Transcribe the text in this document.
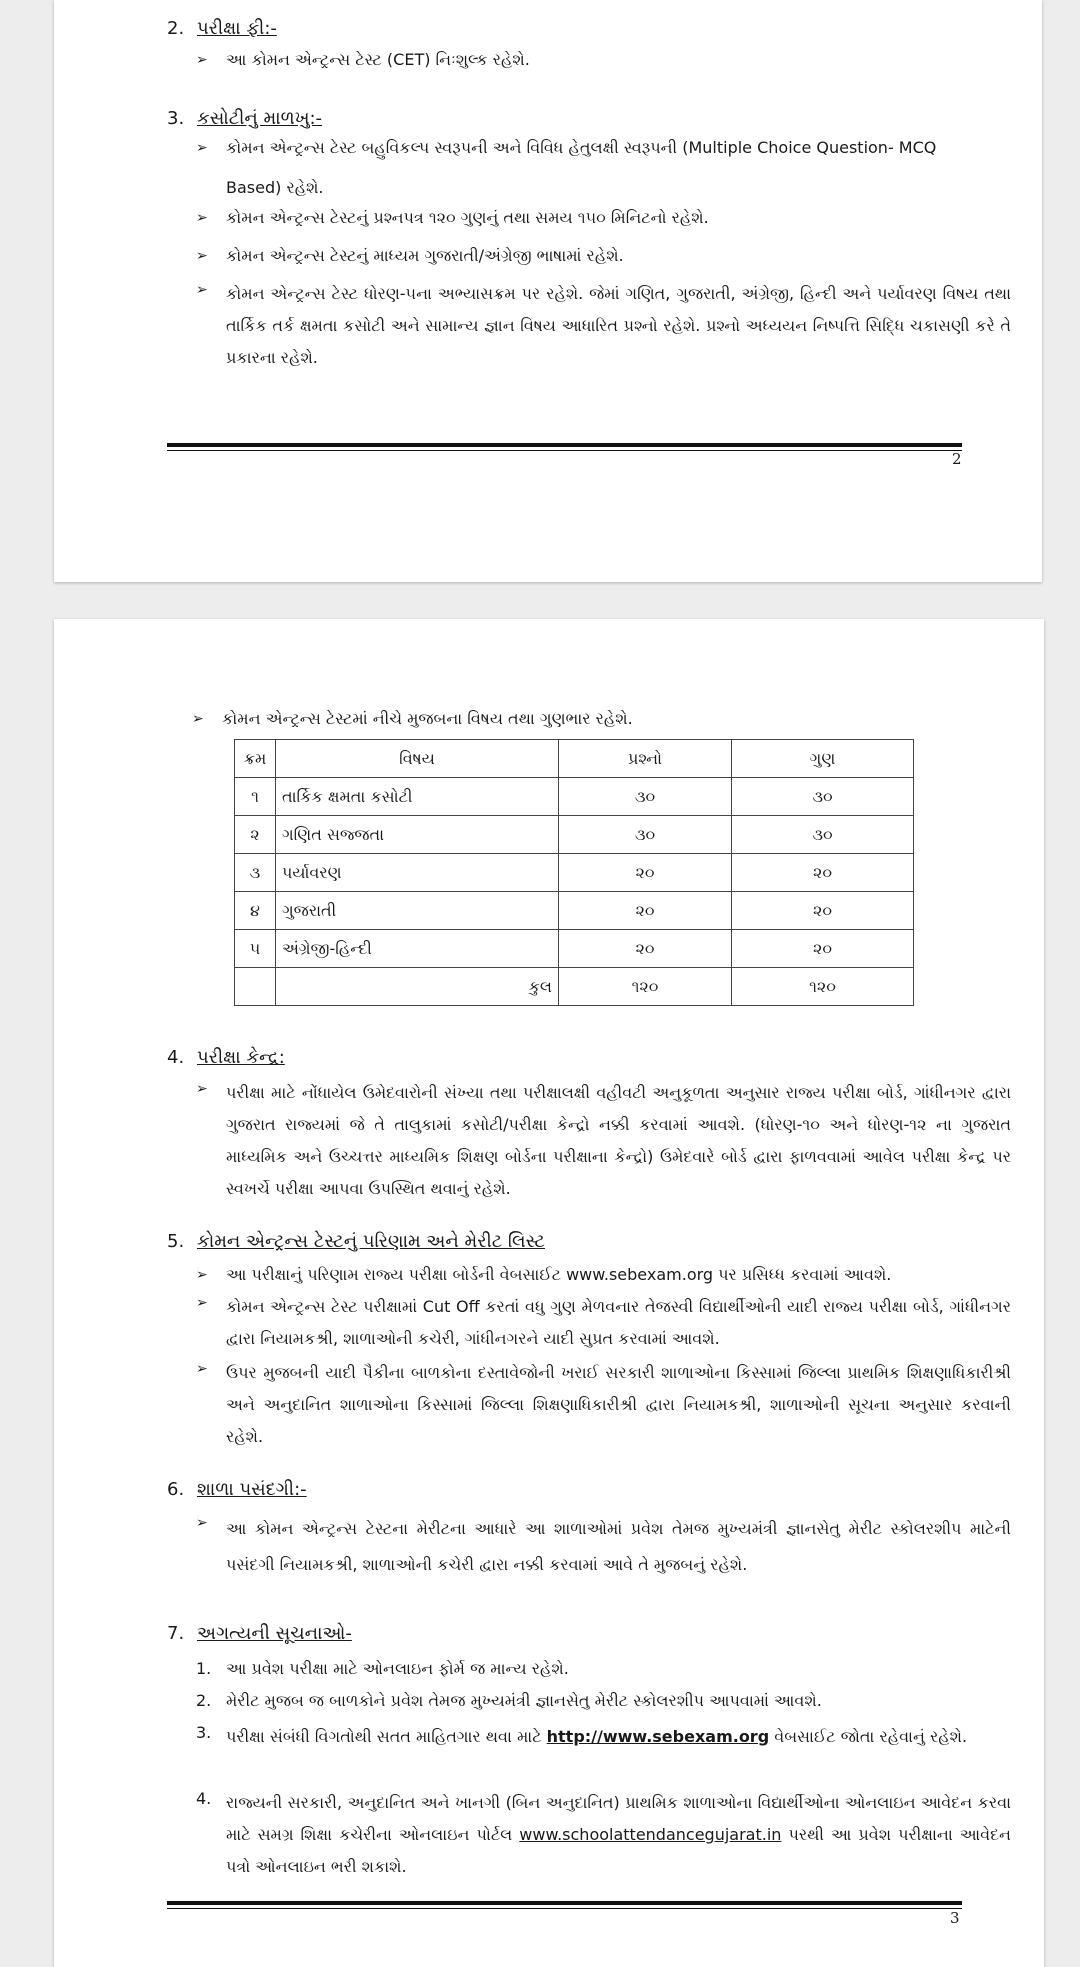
2. પરીક્ષા ફી:-
➢ આ કોમન એન્ટ્રન્સ ટેસ્ટ (CET) નિઃશુલ્ક રહેશે.
3. કસોટીનું માળખુ:-
➢ કોમન એન્ટ્રન્સ ટેસ્ટ બહુવિકલ્પ સ્વરૂપની અને વિવિધ હેતુલક્ષી સ્વરૂપની (Multiple Choice Question- MCQ
Based) રહેશે.
➢ કોમન એન્ટ્રન્સ ટેસ્ટનું પ્રશ્નપત્ર ૧૨૦ ગુણનું તથા સમય ૧૫૦ મિનિટનો રહેશે.
➢ કોમન એન્ટ્રન્સ ટેસ્ટનું માધ્યમ ગુજરાતી/અંગ્રેજી ભાષામાં રહેશે.
➢ કોમન એન્ટ્રન્સ ટેસ્ટ ધોરણ-૫ના અભ્યાસક્રમ પર રહેશે. જેમાં ગણિત, ગુજરાતી, અંગ્રેજી, હિન્દી અને પર્યાવરણ વિષય તથા તાર્કિક તર્ક ક્ષમતા કસોટી અને સામાન્ય જ્ઞાન વિષય આધારિત પ્રશ્નો રહેશે. પ્રશ્નો અધ્યયન નિષ્પત્તિ સિદ્ધિ ચકાસણી કરે તે પ્રકારના રહેશે.
2
➢ કોમન એન્ટ્રન્સ ટેસ્ટમાં નીચે મુજબના વિષય તથા ગુણભાર રહેશે.
ક્રમ	વિષય	પ્રશ્નો	ગુણ
૧	તાર્કિક ક્ષમતા કસોટી	૩૦	૩૦
૨	ગણિત સજ્જતા	૩૦	૩૦
૩	પર્યાવરણ	૨૦	૨૦
૪	ગુજરાતી	૨૦	૨૦
૫	અંગ્રેજી-હિન્દી	૨૦	૨૦
	કુલ	૧૨૦	૧૨૦
4. પરીક્ષા કેન્દ્ર:
➢ પરીક્ષા માટે નોંધાયેલ ઉમેદવારોની સંખ્યા તથા પરીક્ષાલક્ષી વહીવટી અનુકૂળતા અનુસાર રાજ્ય પરીક્ષા બોર્ડ, ગાંધીનગર દ્વારા ગુજરાત રાજ્યમાં જે તે તાલુકામાં કસોટી/પરીક્ષા કેન્દ્રો નક્કી કરવામાં આવશે. (ધોરણ-૧૦ અને ધોરણ-૧૨ ના ગુજરાત માધ્યમિક અને ઉચ્ચત્તર માધ્યમિક શિક્ષણ બોર્ડના પરીક્ષાના કેન્દ્રો) ઉમેદવારે બોર્ડ દ્વારા ફાળવવામાં આવેલ પરીક્ષા કેન્દ્ર પર સ્વખર્ચે પરીક્ષા આપવા ઉપસ્થિત થવાનું રહેશે.
5. કોમન એન્ટ્રન્સ ટેસ્ટનું પરિણામ અને મેરીટ લિસ્ટ
➢ આ પરીક્ષાનું પરિણામ રાજ્ય પરીક્ષા બોર્ડની વેબસાઈટ www.sebexam.org પર પ્રસિધ્ધ કરવામાં આવશે.
➢ કોમન એન્ટ્રન્સ ટેસ્ટ પરીક્ષામાં Cut Off કરતાં વધુ ગુણ મેળવનાર તેજસ્વી વિદ્યાર્થીઓની યાદી રાજ્ય પરીક્ષા બોર્ડ, ગાંધીનગર દ્વારા નિયામકશ્રી, શાળાઓની કચેરી, ગાંધીનગરને યાદી સુપ્રત કરવામાં આવશે.
➢ ઉપર મુજબની યાદી પૈકીના બાળકોના દસ્તાવેજોની ખરાઈ સરકારી શાળાઓના કિસ્સામાં જિલ્લા પ્રાથમિક શિક્ષણાધિકારીશ્રી અને અનુદાનિત શાળાઓના કિસ્સામાં જિલ્લા શિક્ષણાધિકારીશ્રી દ્વારા નિયામકશ્રી, શાળાઓની સૂચના અનુસાર કરવાની રહેશે.
6. શાળા પસંદગી:-
➢ આ કોમન એન્ટ્રન્સ ટેસ્ટના મેરીટના આધારે આ શાળાઓમાં પ્રવેશ તેમજ મુખ્યમંત્રી જ્ઞાનસેતુ મેરીટ સ્કોલરશીપ માટેની પસંદગી નિયામકશ્રી, શાળાઓની કચેરી દ્વારા નક્કી કરવામાં આવે તે મુજબનું રહેશે.
7. અગત્યની સૂચનાઓ-
1. આ પ્રવેશ પરીક્ષા માટે ઓનલાઇન ફોર્મ જ માન્ય રહેશે.
2. મેરીટ મુજબ જ બાળકોને પ્રવેશ તેમજ મુખ્યમંત્રી જ્ઞાનસેતુ મેરીટ સ્કોલરશીપ આપવામાં આવશે.
3. પરીક્ષા સંબંધી વિગતોથી સતત માહિતગાર થવા માટે http://www.sebexam.org વેબસાઈટ જોતા રહેવાનું રહેશે.
4. રાજ્યની સરકારી, અનુદાનિત અને ખાનગી (બિન અનુદાનિત) પ્રાથમિક શાળાઓના વિદ્યાર્થીઓના ઓનલાઇન આવેદન કરવા માટે સમગ્ર શિક્ષા કચેરીના ઓનલાઇન પોર્ટલ www.schoolattendancegujarat.in પરથી આ પ્રવેશ પરીક્ષાના આવેદન પત્રો ઓનલાઇન ભરી શકાશે.
3
